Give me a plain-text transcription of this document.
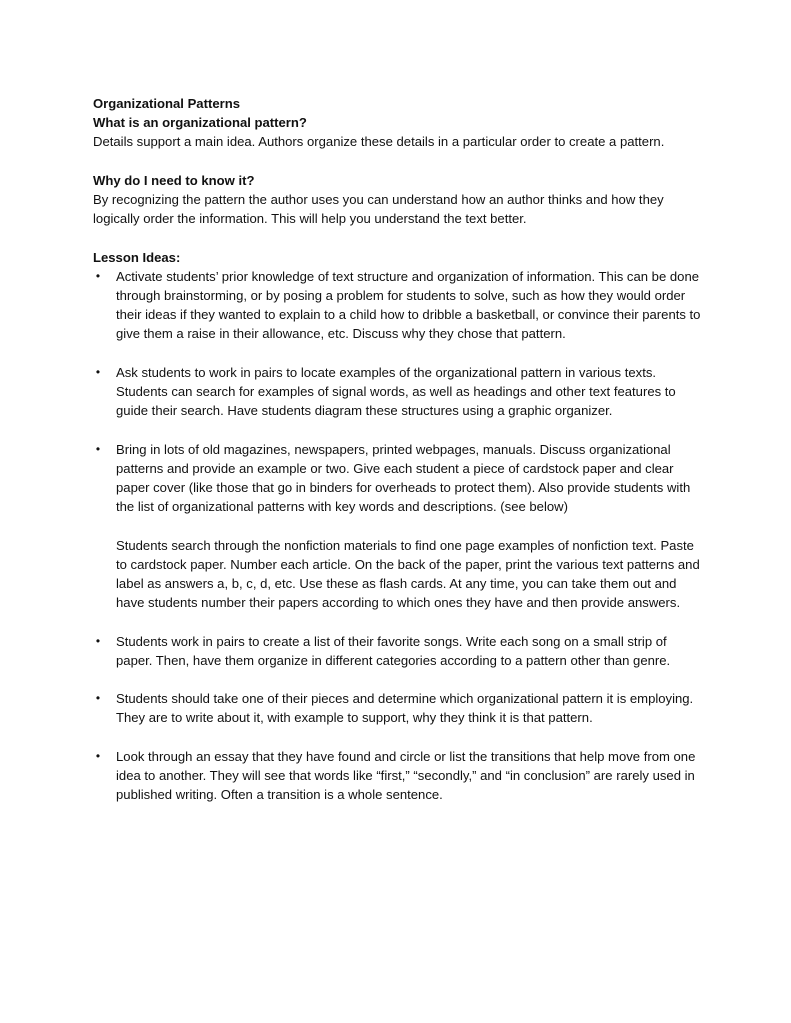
Organizational Patterns

What is an organizational pattern?

Details support a main idea. Authors organize these details in a particular order to create a pattern.

Why do I need to know it?

By recognizing the pattern the author uses you can understand how an author thinks and how they logically order the information. This will help you understand the text better.

Lesson Ideas:

• Activate students’ prior knowledge of text structure and organization of information. This can be done through brainstorming, or by posing a problem for students to solve, such as how they would order their ideas if they wanted to explain to a child how to dribble a basketball, or convince their parents to give them a raise in their allowance, etc. Discuss why they chose that pattern.
• Ask students to work in pairs to locate examples of the organizational pattern in various texts. Students can search for examples of signal words, as well as headings and other text features to guide their search. Have students diagram these structures using a graphic organizer.
• Bring in lots of old magazines, newspapers, printed webpages, manuals. Discuss organizational patterns and provide an example or two. Give each student a piece of cardstock paper and clear paper cover (like those that go in binders for overheads to protect them). Also provide students with the list of organizational patterns with key words and descriptions. (see below)
Students search through the nonfiction materials to find one page examples of nonfiction text. Paste to cardstock paper. Number each article. On the back of the paper, print the various text patterns and label as answers a, b, c, d, etc. Use these as flash cards. At any time, you can take them out and have students number their papers according to which ones they have and then provide answers.
• Students work in pairs to create a list of their favorite songs. Write each song on a small strip of paper. Then, have them organize in different categories according to a pattern other than genre.
• Students should take one of their pieces and determine which organizational pattern it is employing. They are to write about it, with example to support, why they think it is that pattern.
• Look through an essay that they have found and circle or list the transitions that help move from one idea to another. They will see that words like “first,” “secondly,” and “in conclusion” are rarely used in published writing. Often a transition is a whole sentence.
